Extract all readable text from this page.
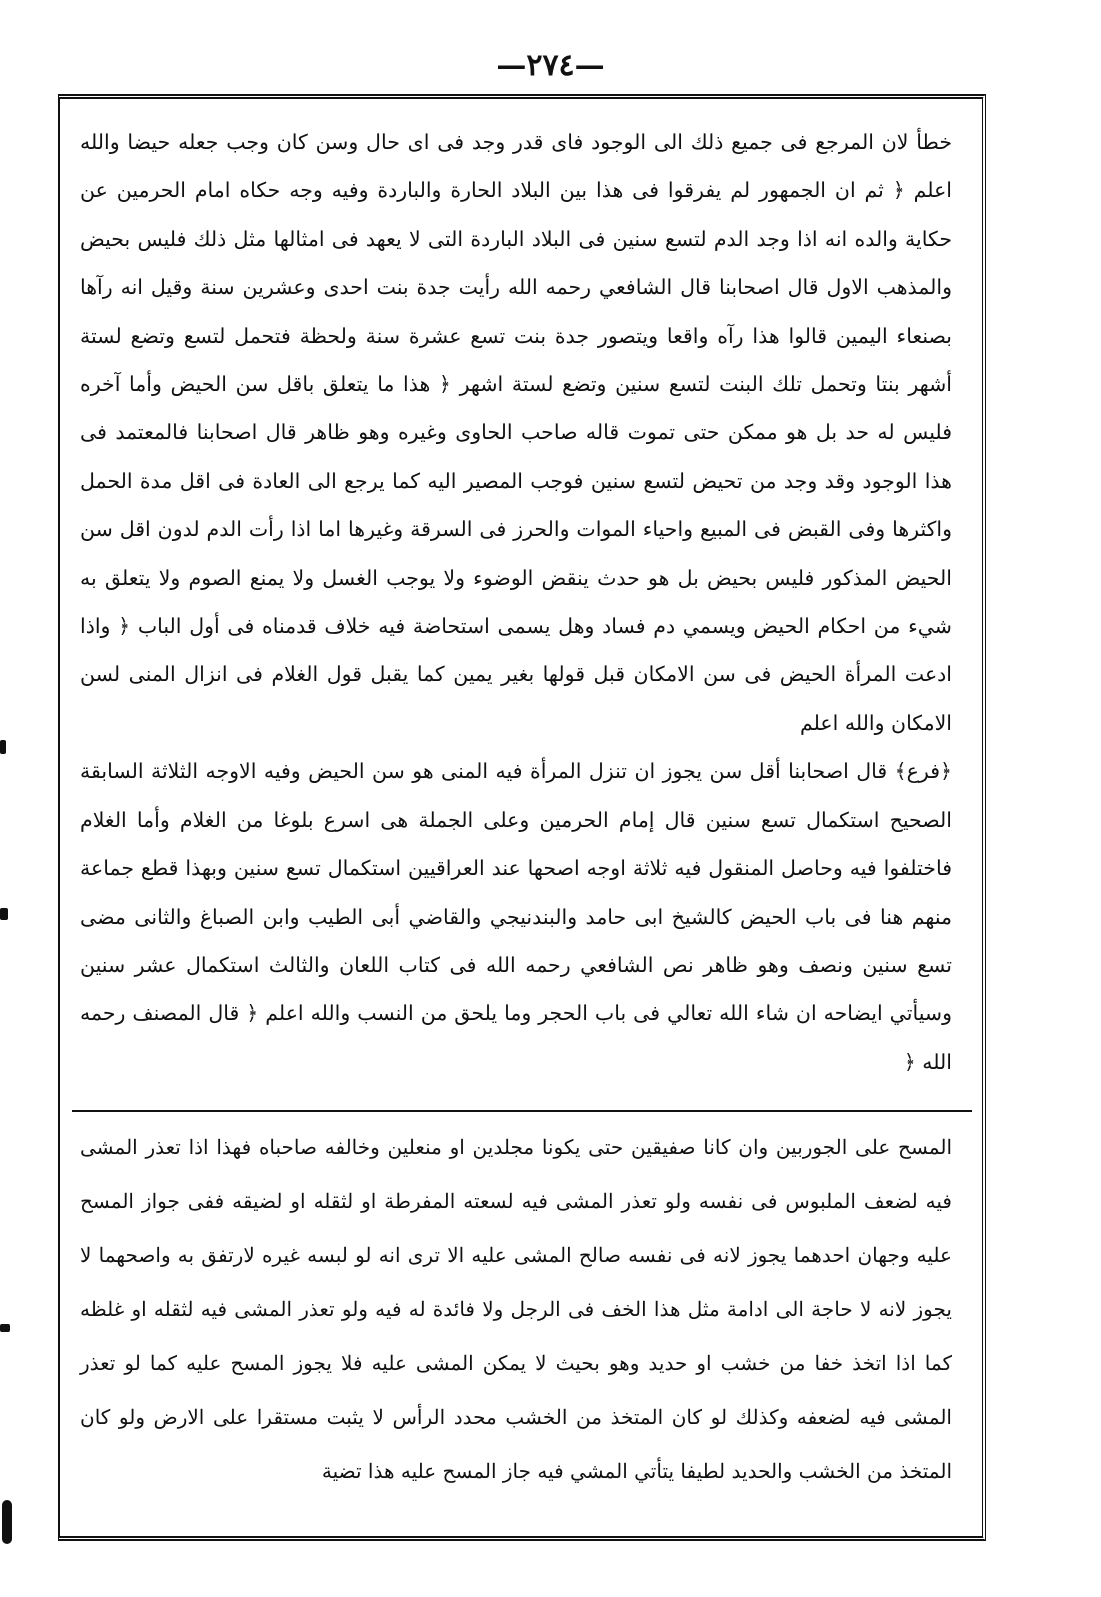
—٢٧٤—

خطأ لان المرجع فى جميع ذلك الى الوجود فاى قدر وجد فى اى حال وسن كان وجب جعله حيضا والله اعلم ﴿ ثم ان الجمهور لم يفرقوا فى هذا بين البلاد الحارة والباردة وفيه وجه حكاه امام الحرمين عن حكاية والده انه اذا وجد الدم لتسع سنين فى البلاد الباردة التى لا يعهد فى امثالها مثل ذلك فليس بحيض والمذهب الاول قال اصحابنا قال الشافعي رحمه الله رأيت جدة بنت احدى وعشرين سنة وقيل انه رآها بصنعاء اليمين قالوا هذا رآه واقعا ويتصور جدة بنت تسع عشرة سنة ولحظة فتحمل لتسع وتضع لستة أشهر بنتا وتحمل تلك البنت لتسع سنين وتضع لستة اشهر ﴿ هذا ما يتعلق باقل سن الحيض وأما آخره فليس له حد بل هو ممكن حتى تموت قاله صاحب الحاوى وغيره وهو ظاهر قال اصحابنا فالمعتمد فى هذا الوجود وقد وجد من تحيض لتسع سنين فوجب المصير اليه كما يرجع الى العادة فى اقل مدة الحمل واكثرها وفى القبض فى المبيع واحياء الموات والحرز فى السرقة وغيرها اما اذا رأت الدم لدون اقل سن الحيض المذكور فليس بحيض بل هو حدث ينقض الوضوء ولا يوجب الغسل ولا يمنع الصوم ولا يتعلق به شيء من احكام الحيض ويسمي دم فساد وهل يسمى استحاضة فيه خلاف قدمناه فى أول الباب ﴿ واذا ادعت المرأة الحيض فى سن الامكان قبل قولها بغير يمين كما يقبل قول الغلام فى انزال المنى لسن الامكان والله اعلم

﴿فرع﴾ قال اصحابنا أقل سن يجوز ان تنزل المرأة فيه المنى هو سن الحيض وفيه الاوجه الثلاثة السابقة الصحيح استكمال تسع سنين قال إمام الحرمين وعلى الجملة هى اسرع بلوغا من الغلام وأما الغلام فاختلفوا فيه وحاصل المنقول فيه ثلاثة اوجه اصحها عند العراقيين استكمال تسع سنين وبهذا قطع جماعة منهم هنا فى باب الحيض كالشيخ ابى حامد والبندنيجي والقاضي أبى الطيب وابن الصباغ والثانى مضى تسع سنين ونصف وهو ظاهر نص الشافعي رحمه الله فى كتاب اللعان والثالث استكمال عشر سنين وسيأتي ايضاحه ان شاء الله تعالي فى باب الحجر وما يلحق من النسب والله اعلم ﴿ قال المصنف رحمه الله ﴿

المسح على الجوربين وان كانا صفيقين حتى يكونا مجلدين او منعلين وخالفه صاحباه فهذا اذا تعذر المشى فيه لضعف الملبوس فى نفسه ولو تعذر المشى فيه لسعته المفرطة او لثقله او لضيقه ففى جواز المسح عليه وجهان احدهما يجوز لانه فى نفسه صالح المشى عليه الا ترى انه لو لبسه غيره لارتفق به واصحهما لا يجوز لانه لا حاجة الى ادامة مثل هذا الخف فى الرجل ولا فائدة له فيه ولو تعذر المشى فيه لثقله او غلظه كما اذا اتخذ خفا من خشب او حديد وهو بحيث لا يمكن المشى عليه فلا يجوز المسح عليه كما لو تعذر المشى فيه لضعفه وكذلك لو كان المتخذ من الخشب محدد الرأس لا يثبت مستقرا على الارض ولو كان المتخذ من الخشب والحديد لطيفا يتأتي المشي فيه جاز المسح عليه هذا تضية
